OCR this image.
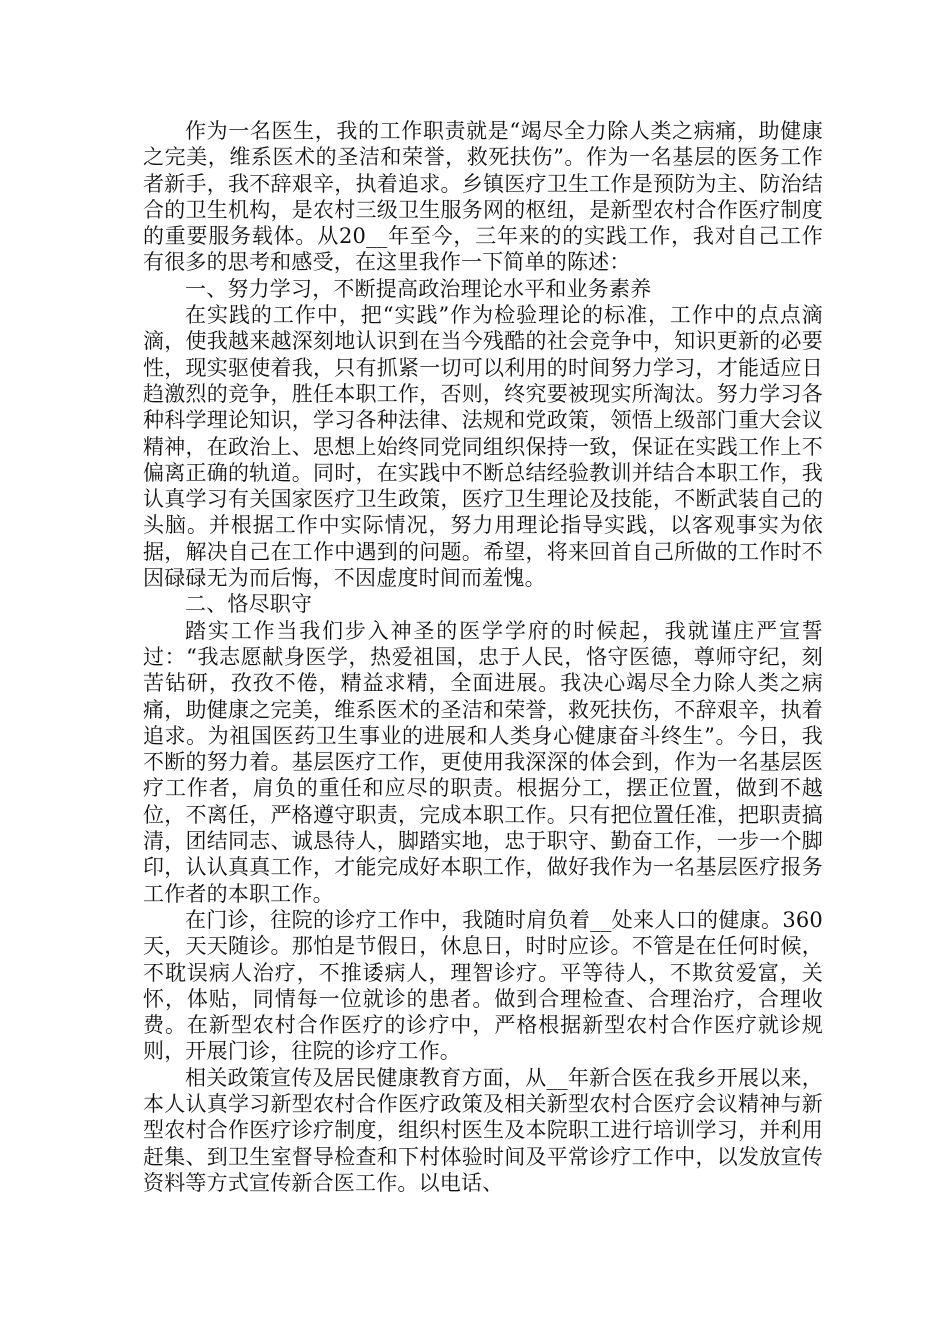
作为一名医生，我的工作职责就是“竭尽全力除人类之病痛，助健康之完美，维系医术的圣洁和荣誉，救死扶伤”。作为一名基层的医务工作者新手，我不辞艰辛，执着追求。乡镇医疗卫生工作是预防为主、防治结合的卫生机构，是农村三级卫生服务网的枢纽，是新型农村合作医疗制度的重要服务载体。从20__年至今，三年来的的实践工作，我对自己工作有很多的思考和感受，在这里我作一下简单的陈述：

一、努力学习，不断提高政治理论水平和业务素养

在实践的工作中，把“实践”作为检验理论的标准，工作中的点点滴滴，使我越来越深刻地认识到在当今残酷的社会竞争中，知识更新的必要性，现实驱使着我，只有抓紧一切可以利用的时间努力学习，才能适应日趋激烈的竞争，胜任本职工作，否则，终究要被现实所淘汰。努力学习各种科学理论知识，学习各种法律、法规和党政策，领悟上级部门重大会议精神，在政治上、思想上始终同党同组织保持一致，保证在实践工作上不偏离正确的轨道。同时，在实践中不断总结经验教训并结合本职工作，我认真学习有关国家医疗卫生政策，医疗卫生理论及技能，不断武装自己的头脑。并根据工作中实际情况，努力用理论指导实践，以客观事实为依据，解决自己在工作中遇到的问题。希望，将来回首自己所做的工作时不因碌碌无为而后悔，不因虚度时间而羞愧。

二、恪尽职守

踏实工作当我们步入神圣的医学学府的时候起，我就谨庄严宣誓过：“我志愿献身医学，热爱祖国，忠于人民，恪守医德，尊师守纪，刻苦钻研，孜孜不倦，精益求精，全面进展。我决心竭尽全力除人类之病痛，助健康之完美，维系医术的圣洁和荣誉，救死扶伤，不辞艰辛，执着追求。为祖国医药卫生事业的进展和人类身心健康奋斗终生”。今日，我不断的努力着。基层医疗工作，更使用我深深的体会到，作为一名基层医疗工作者，肩负的重任和应尽的职责。根据分工，摆正位置，做到不越位，不离任，严格遵守职责，完成本职工作。只有把位置任准，把职责搞清，团结同志、诚恳待人，脚踏实地，忠于职守、勤奋工作，一步一个脚印，认认真真工作，才能完成好本职工作，做好我作为一名基层医疗报务工作者的本职工作。

在门诊，往院的诊疗工作中，我随时肩负着__处来人口的健康。360天，天天随诊。那怕是节假日，休息日，时时应诊。不管是在任何时候，不耽误病人治疗，不推诿病人，理智诊疗。平等待人，不欺贫爱富，关怀，体贴，同情每一位就诊的患者。做到合理检查、合理治疗，合理收费。在新型农村合作医疗的诊疗中，严格根据新型农村合作医疗就诊规则，开展门诊，往院的诊疗工作。

相关政策宣传及居民健康教育方面，从__年新合医在我乡开展以来，本人认真学习新型农村合作医疗政策及相关新型农村合医疗会议精神与新型农村合作医疗诊疗制度，组织村医生及本院职工进行培训学习，并利用赶集、到卫生室督导检查和下村体验时间及平常诊疗工作中，以发放宣传资料等方式宣传新合医工作。以电话、
